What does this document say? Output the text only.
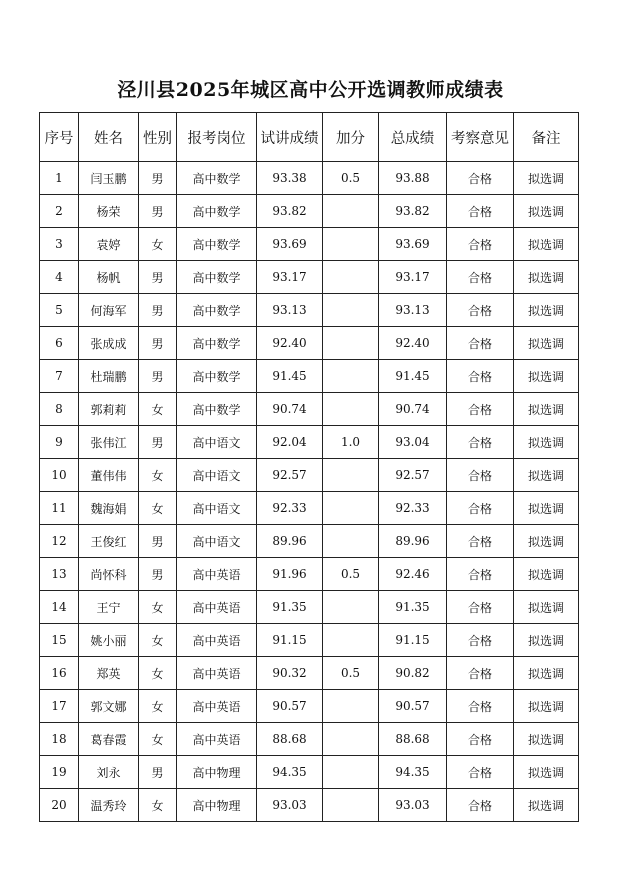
泾川县2025年城区高中公开选调教师成绩表
序号	姓名	性别	报考岗位	试讲成绩	加分	总成绩	考察意见	备注
1	闫玉鹏	男	高中数学	93.38	0.5	93.88	合格	拟选调
2	杨荣	男	高中数学	93.82		93.82	合格	拟选调
3	袁婷	女	高中数学	93.69		93.69	合格	拟选调
4	杨帆	男	高中数学	93.17		93.17	合格	拟选调
5	何海军	男	高中数学	93.13		93.13	合格	拟选调
6	张成成	男	高中数学	92.40		92.40	合格	拟选调
7	杜瑞鹏	男	高中数学	91.45		91.45	合格	拟选调
8	郭莉莉	女	高中数学	90.74		90.74	合格	拟选调
9	张伟江	男	高中语文	92.04	1.0	93.04	合格	拟选调
10	董伟伟	女	高中语文	92.57		92.57	合格	拟选调
11	魏海娟	女	高中语文	92.33		92.33	合格	拟选调
12	王俊红	男	高中语文	89.96		89.96	合格	拟选调
13	尚怀科	男	高中英语	91.96	0.5	92.46	合格	拟选调
14	王宁	女	高中英语	91.35		91.35	合格	拟选调
15	姚小丽	女	高中英语	91.15		91.15	合格	拟选调
16	郑英	女	高中英语	90.32	0.5	90.82	合格	拟选调
17	郭文娜	女	高中英语	90.57		90.57	合格	拟选调
18	葛春霞	女	高中英语	88.68		88.68	合格	拟选调
19	刘永	男	高中物理	94.35		94.35	合格	拟选调
20	温秀玲	女	高中物理	93.03		93.03	合格	拟选调
